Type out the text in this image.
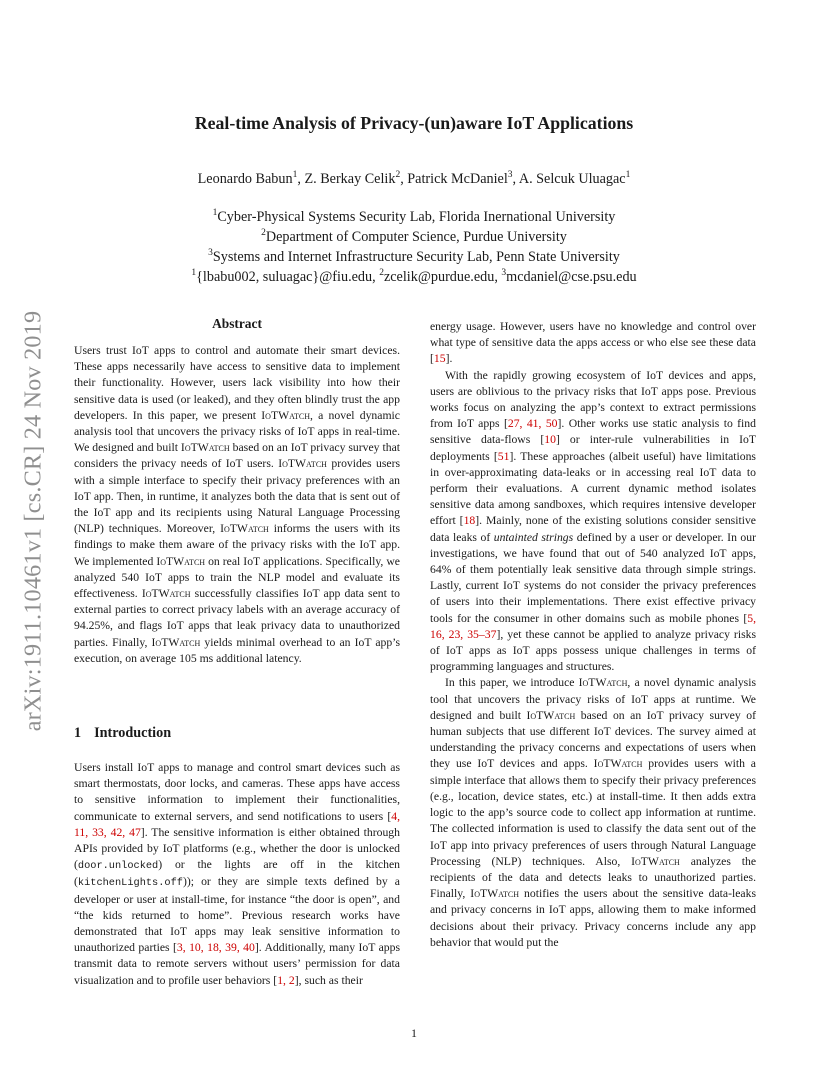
arXiv:1911.10461v1 [cs.CR] 24 Nov 2019
Real-time Analysis of Privacy-(un)aware IoT Applications
Leonardo Babun$^1$, Z. Berkay Celik$^2$, Patrick McDaniel$^3$, A. Selcuk Uluagac$^1$
$^1$Cyber-Physical Systems Security Lab, Florida Inernational University
$^2$Department of Computer Science, Purdue University
$^3$Systems and Internet Infrastructure Security Lab, Penn State University
$^1${lbabu002, suluagac}@fiu.edu, $^2$zcelik@purdue.edu, $^3$mcdaniel@cse.psu.edu
Abstract

Users trust IoT apps to control and automate their smart devices. These apps necessarily have access to sensitive data to implement their functionality. However, users lack visibility into how their sensitive data is used (or leaked), and they often blindly trust the app developers. In this paper, we present IoTWatch, a novel dynamic analysis tool that uncovers the privacy risks of IoT apps in real-time. We designed and built IoTWatch based on an IoT privacy survey that considers the privacy needs of IoT users. IoTWatch provides users with a simple interface to specify their privacy preferences with an IoT app. Then, in runtime, it analyzes both the data that is sent out of the IoT app and its recipients using Natural Language Processing (NLP) techniques. Moreover, IoTWatch informs the users with its findings to make them aware of the privacy risks with the IoT app. We implemented IoTWatch on real IoT applications. Specifically, we analyzed 540 IoT apps to train the NLP model and evaluate its effectiveness. IoTWatch successfully classifies IoT app data sent to external parties to correct privacy labels with an average accuracy of 94.25%, and flags IoT apps that leak privacy data to unauthorized parties. Finally, IoTWatch yields minimal overhead to an IoT app’s execution, on average 105 ms additional latency.

1 Introduction

Users install IoT apps to manage and control smart devices such as smart thermostats, door locks, and cameras. These apps have access to sensitive information to implement their functionalities, communicate to external servers, and send notifications to users [4, 11, 33, 42, 47]. The sensitive information is either obtained through APIs provided by IoT platforms (e.g., whether the door is unlocked (door.unlocked) or the lights are off in the kitchen (kitchenLights.off)); or they are simple texts defined by a developer or user at install-time, for instance “the door is open”, and “the kids returned to home”. Previous research works have demonstrated that IoT apps may leak sensitive information to unauthorized parties [3, 10, 18, 39, 40]. Additionally, many IoT apps transmit data to remote servers without users’ permission for data visualization and to profile user behaviors [1, 2], such as their

energy usage. However, users have no knowledge and control over what type of sensitive data the apps access or who else see these data [15].

With the rapidly growing ecosystem of IoT devices and apps, users are oblivious to the privacy risks that IoT apps pose. Previous works focus on analyzing the app’s context to extract permissions from IoT apps [27, 41, 50]. Other works use static analysis to find sensitive data-flows [10] or inter-rule vulnerabilities in IoT deployments [51]. These approaches (albeit useful) have limitations in over-approximating data-leaks or in accessing real IoT data to perform their evaluations. A current dynamic method isolates sensitive data among sandboxes, which requires intensive developer effort [18]. Mainly, none of the existing solutions consider sensitive data leaks of untainted strings defined by a user or developer. In our investigations, we have found that out of 540 analyzed IoT apps, 64% of them potentially leak sensitive data through simple strings. Lastly, current IoT systems do not consider the privacy preferences of users into their implementations. There exist effective privacy tools for the consumer in other domains such as mobile phones [5, 16, 23, 35–37], yet these cannot be applied to analyze privacy risks of IoT apps as IoT apps possess unique challenges in terms of programming languages and structures.

In this paper, we introduce IoTWatch, a novel dynamic analysis tool that uncovers the privacy risks of IoT apps at runtime. We designed and built IoTWatch based on an IoT privacy survey of human subjects that use different IoT devices. The survey aimed at understanding the privacy concerns and expectations of users when they use IoT devices and apps. IoTWatch provides users with a simple interface that allows them to specify their privacy preferences (e.g., location, device states, etc.) at install-time. It then adds extra logic to the app’s source code to collect app information at runtime. The collected information is used to classify the data sent out of the IoT app into privacy preferences of users through Natural Language Processing (NLP) techniques. Also, IoTWatch analyzes the recipients of the data and detects leaks to unauthorized parties. Finally, IoTWatch notifies the users about the sensitive data-leaks and privacy concerns in IoT apps, allowing them to make informed decisions about their privacy. Privacy concerns include any app behavior that would put the

1
